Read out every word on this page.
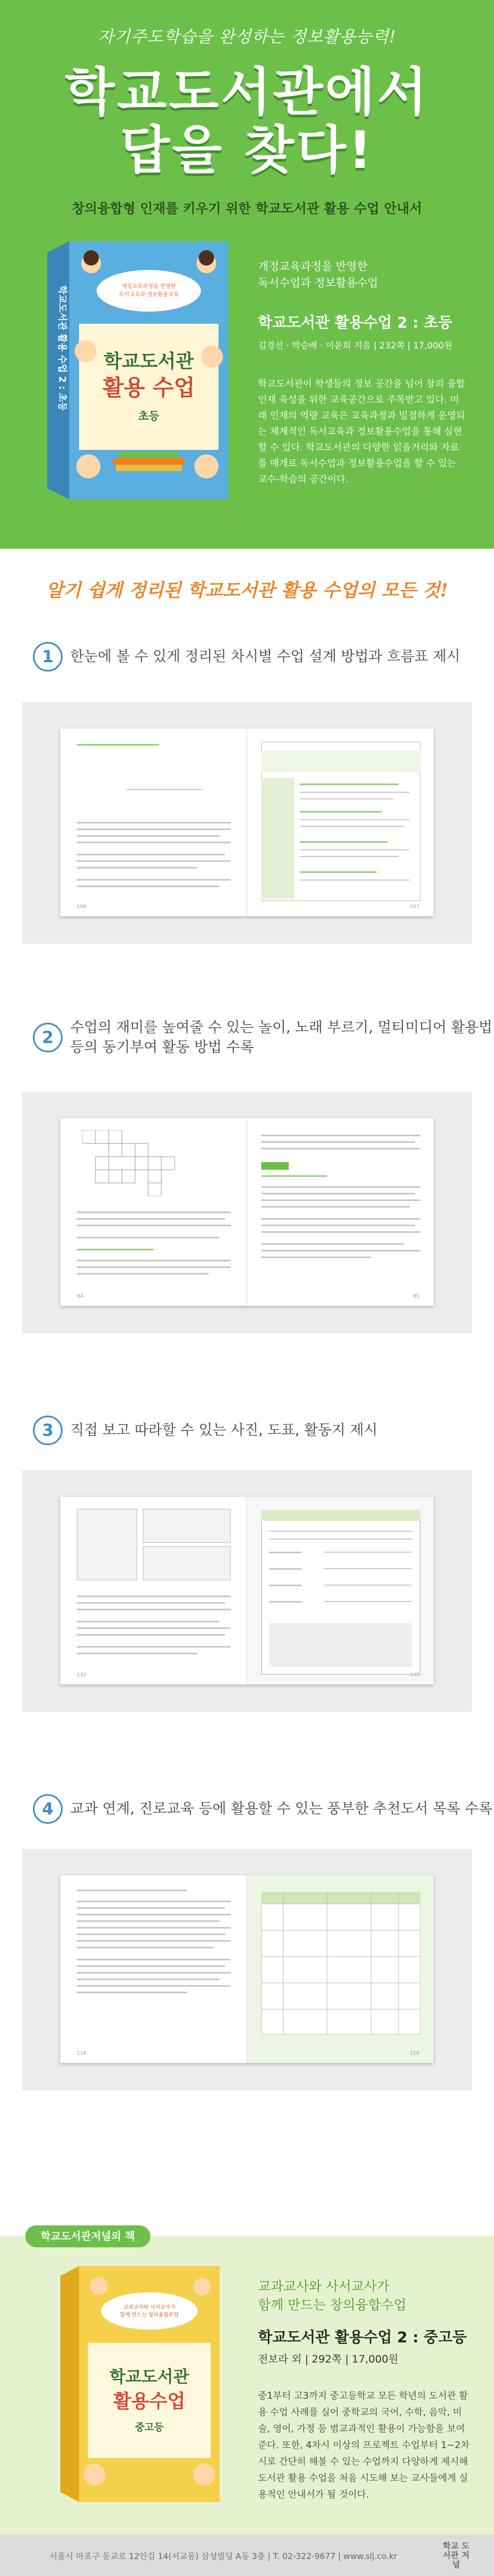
자기주도학습을 완성하는 정보활용능력!
학교도서관에서
답을 찾다!
창의융합형 인재를 키우기 위한 학교도서관 활용 수업 안내서
학교도서관 활용 수업 2 : 초등	개정교육과정을 반영한
독서교육과 정보활용교육
학교도서관
활용 수업
초등
개정교육과정을 반영한
독서수업과 정보활용수업
학교도서관 활용수업 2 : 초등
김경선 · 박승배 · 이윤희 지음 | 232쪽 | 17,000원
학교도서관이 학생들의 정보 공간을 넘어 창의 융합 인재 육성을 위한 교육공간으로 주목받고 있다. 미래 인재의 역량 교육은 교육과정과 밀접하게 운영되는 체계적인 독서교육과 정보활용수업을 통해 실현할 수 있다. 학교도서관의 다양한 읽을거리와 자료를 매개로 독서수업과 정보활용수업을 할 수 있는 교수-학습의 공간이다.
알기 쉽게 정리된 학교도서관 활용 수업의 모든 것!
1	한눈에 볼 수 있게 정리된 차시별 수업 설계 방법과 흐름표 제시
106	107
2
수업의 재미를 높여줄 수 있는 놀이, 노래 부르기, 멀티미디어 활용법
등의 동기부여 활동 방법 수록
84	85
3	직접 보고 따라할 수 있는 사진, 도표, 활동지 제시
132	133
4	교과 연계, 진로교육 등에 활용할 수 있는 풍부한 추천도서 목록 수록
118	119
학교도서관저널의 책
교과교사와 사서교사가
함께 만드는 창의융합수업
학교도서관
활용수업
중고등
교과교사와 사서교사가
함께 만드는 창의융합수업
학교도서관 활용수업 2 : 중고등
전보라 외 | 292쪽 | 17,000원
중1부터 고3까지 중고등학교 모든 학년의 도서관 활용 수업 사례를 실어 중학교의 국어, 수학, 음악, 미술, 영어, 가정 등 범교과적인 활용이 가능함을 보여준다. 또한, 4차시 이상의 프로젝트 수업부터 1~2차시로 간단히 해볼 수 있는 수업까지 다양하게 제시해 도서관 활용 수업을 처음 시도해 보는 교사들에게 실용적인 안내서가 될 것이다.
서울시 마포구 동교로 12안길 14(서교동) 삼성빌딩 A동 3층 | T. 02-322-9677 | www.slj.co.kr
학교 도서관 저널
